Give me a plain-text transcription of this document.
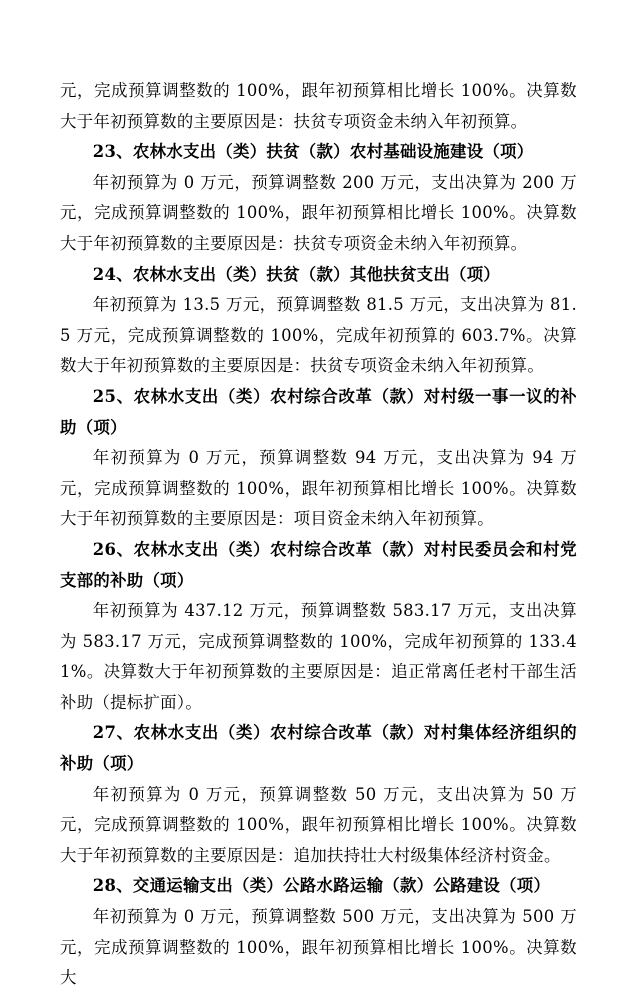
元，完成预算调整数的 100%，跟年初预算相比增长 100%。决算数大于年初预算数的主要原因是：扶贫专项资金未纳入年初预算。

23、农林水支出（类）扶贫（款）农村基础设施建设（项）

年初预算为 0 万元，预算调整数 200 万元，支出决算为 200 万元，完成预算调整数的 100%，跟年初预算相比增长 100%。决算数大于年初预算数的主要原因是：扶贫专项资金未纳入年初预算。

24、农林水支出（类）扶贫（款）其他扶贫支出（项）

年初预算为 13.5 万元，预算调整数 81.5 万元，支出决算为 81.5 万元，完成预算调整数的 100%，完成年初预算的 603.7%。决算数大于年初预算数的主要原因是：扶贫专项资金未纳入年初预算。

25、农林水支出（类）农村综合改革（款）对村级一事一议的补助（项）

年初预算为 0 万元，预算调整数 94 万元，支出决算为 94 万元，完成预算调整数的 100%，跟年初预算相比增长 100%。决算数大于年初预算数的主要原因是：项目资金未纳入年初预算。

26、农林水支出（类）农村综合改革（款）对村民委员会和村党支部的补助（项）

年初预算为 437.12 万元，预算调整数 583.17 万元，支出决算为 583.17 万元，完成预算调整数的 100%，完成年初预算的 133.41%。决算数大于年初预算数的主要原因是：追正常离任老村干部生活补助（提标扩面）。

27、农林水支出（类）农村综合改革（款）对村集体经济组织的补助（项）

年初预算为 0 万元，预算调整数 50 万元，支出决算为 50 万元，完成预算调整数的 100%，跟年初预算相比增长 100%。决算数大于年初预算数的主要原因是：追加扶持壮大村级集体经济村资金。

28、交通运输支出（类）公路水路运输（款）公路建设（项）

年初预算为 0 万元，预算调整数 500 万元，支出决算为 500 万元，完成预算调整数的 100%，跟年初预算相比增长 100%。决算数大
